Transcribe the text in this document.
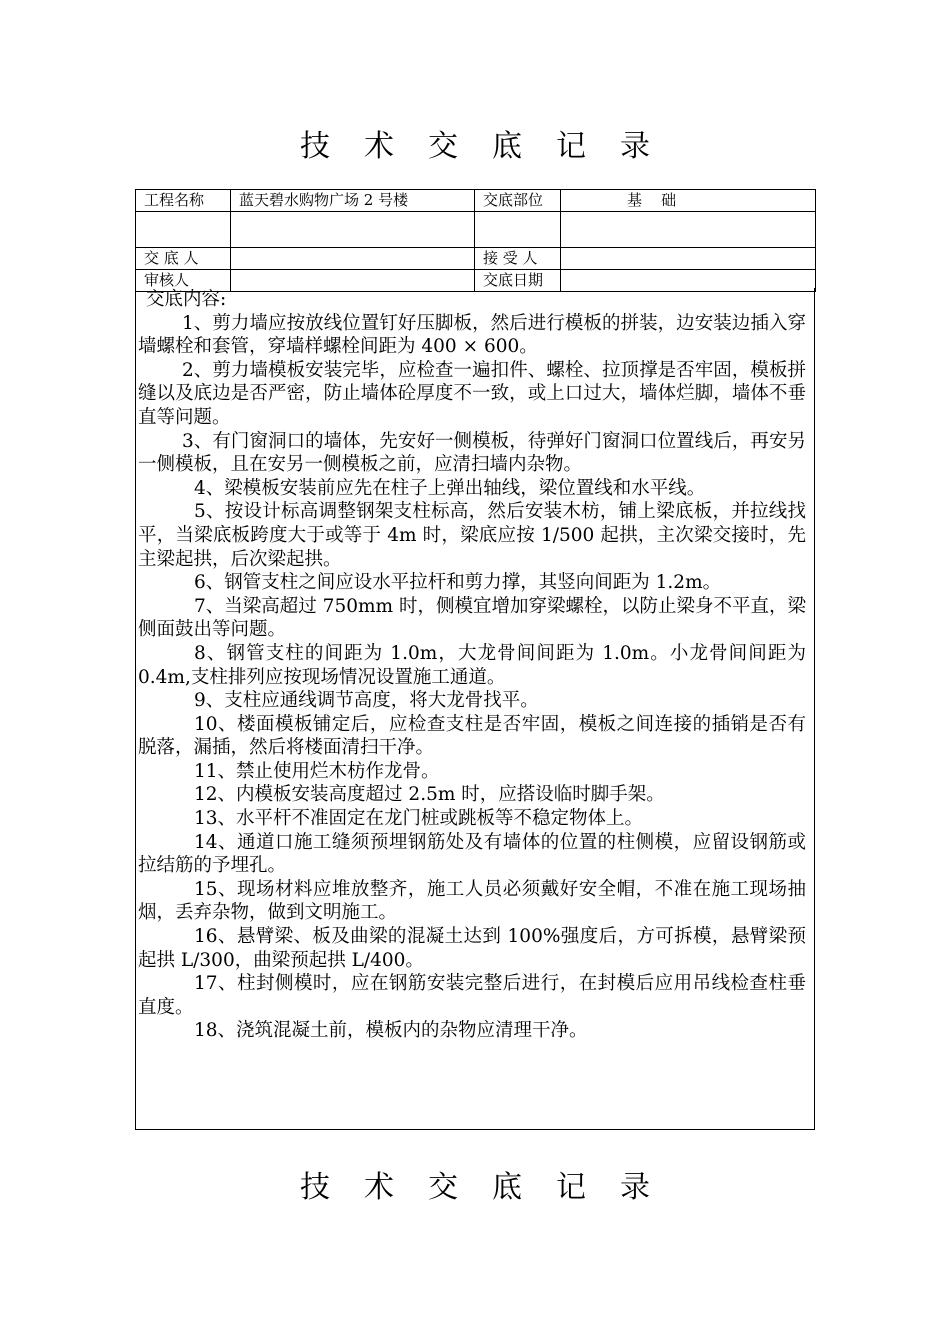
技术交底记录
工程名称	蓝天碧水购物广场 2 号楼	交底部位	基    础

交 底 人		接 受 人	
审核人		交底日期	
交底内容:

1、剪力墙应按放线位置钉好压脚板，然后进行模板的拼装，边安装边插入穿墙螺栓和套管，穿墙样螺栓间距为 400 × 600。

2、剪力墙模板安装完毕，应检查一遍扣件、螺栓、拉顶撑是否牢固，模板拼缝以及底边是否严密，防止墙体砼厚度不一致，或上口过大，墙体烂脚，墙体不垂直等问题。

3、有门窗洞口的墙体，先安好一侧模板，待弹好门窗洞口位置线后，再安另一侧模板，且在安另一侧模板之前，应清扫墙内杂物。

4、梁模板安装前应先在柱子上弹出轴线，梁位置线和水平线。

5、按设计标高调整钢架支柱标高，然后安装木枋，铺上梁底板，并拉线找平，当梁底板跨度大于或等于 4m 时，梁底应按 1/500 起拱，主次梁交接时，先主梁起拱，后次梁起拱。

6、钢管支柱之间应设水平拉杆和剪力撑，其竖向间距为 1.2m。

7、当梁高超过 750mm 时，侧模宜增加穿梁螺栓，以防止梁身不平直，梁侧面鼓出等问题。

8、钢管支柱的间距为 1.0m，大龙骨间间距为 1.0m。小龙骨间间距为 0.4m,支柱排列应按现场情况设置施工通道。

9、支柱应通线调节高度，将大龙骨找平。

10、楼面模板铺定后，应检查支柱是否牢固，模板之间连接的插销是否有脱落，漏插，然后将楼面清扫干净。

11、禁止使用烂木枋作龙骨。

12、内模板安装高度超过 2.5m 时，应搭设临时脚手架。

13、水平杆不准固定在龙门桩或跳板等不稳定物体上。

14、通道口施工缝须预埋钢筋处及有墙体的位置的柱侧模，应留设钢筋或拉结筋的予埋孔。

15、现场材料应堆放整齐，施工人员必须戴好安全帽，不准在施工现场抽烟，丢弃杂物，做到文明施工。

16、悬臂梁、板及曲梁的混凝土达到 100%强度后，方可拆模，悬臂梁预起拱 L/300，曲梁预起拱 L/400。

17、柱封侧模时，应在钢筋安装完整后进行，在封模后应用吊线检查柱垂直度。

18、浇筑混凝土前，模板内的杂物应清理干净。

技术交底记录
